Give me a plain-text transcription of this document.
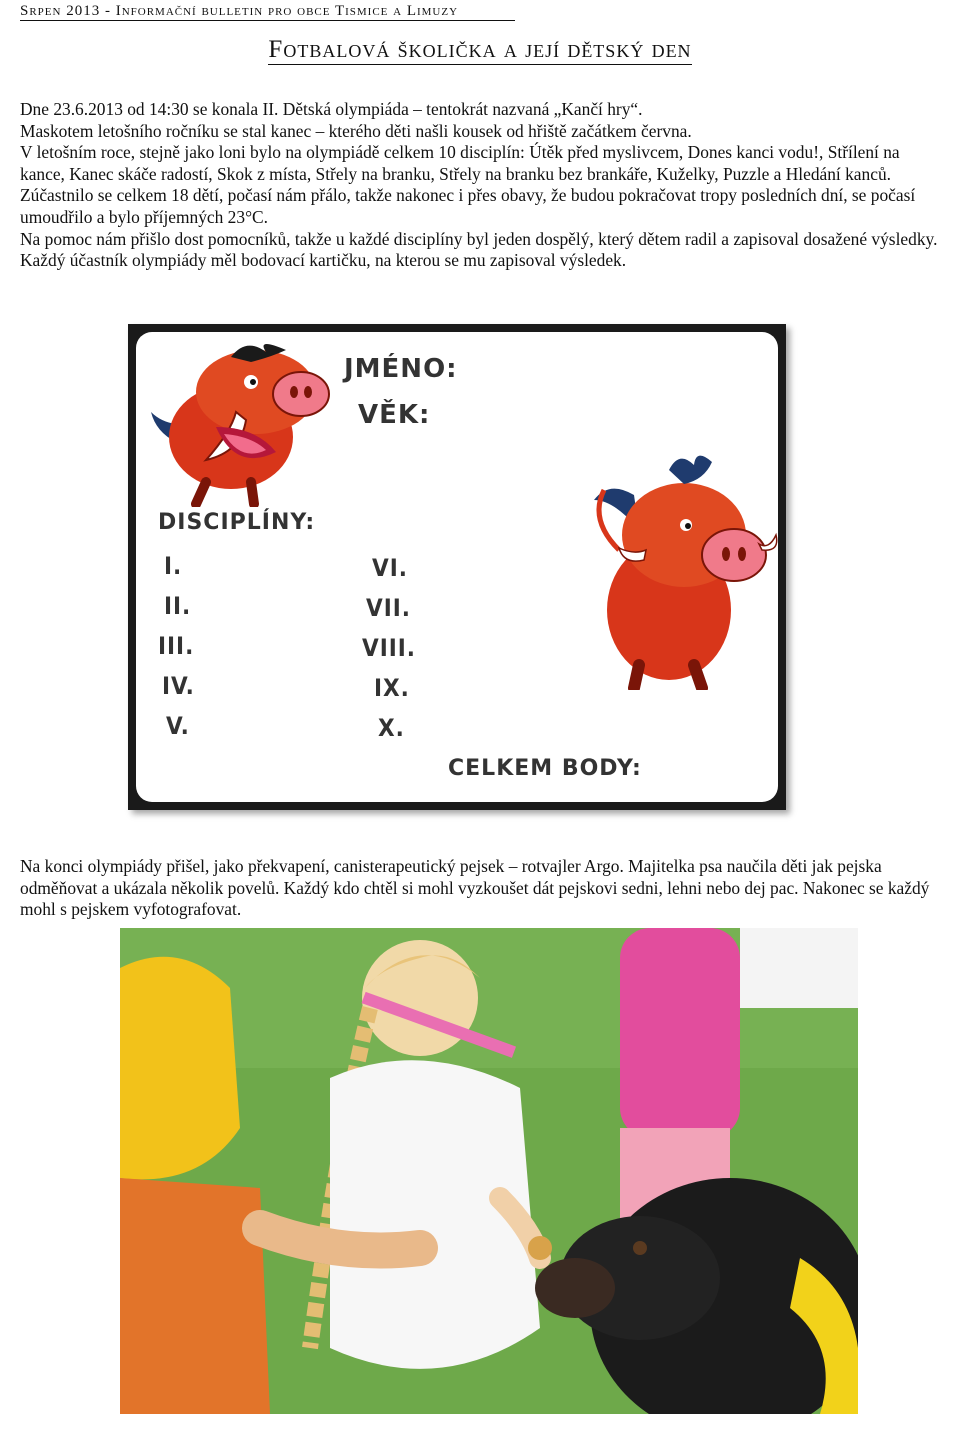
Srpen 2013 - Informační bulletin pro obce Tismice a Limuzy
Fotbalová školička a její dětský den

Dne 23.6.2013 od 14:30 se konala II. Dětská olympiáda – tentokrát nazvaná „Kančí hry“.

Maskotem letošního ročníku se stal kanec – kterého děti našli kousek od hřiště začátkem června.

V letošním roce, stejně jako loni bylo na olympiádě celkem 10 disciplín: Útěk před myslivcem, Dones kanci vodu!, Střílení na kance, Kanec skáče radostí, Skok z místa, Střely na branku, Střely na branku bez brankáře, Kuželky, Puzzle a Hledání kanců.

Zúčastnilo se celkem 18 dětí, počasí nám přálo, takže nakonec i přes obavy, že budou pokračovat tropy posledních dní, se počasí umoudřilo a bylo příjemných 23°C.

Na pomoc nám přišlo dost pomocníků, takže u každé disciplíny byl jeden dospělý, který dětem radil a zapisoval dosažené výsledky. Každý účastník olympiády měl bodovací kartičku, na kterou se mu zapisoval výsledek.

JMÉNO:
VĚK:
DISCIPLÍNY:
I.
II.
III.
IV.
V.
VI.
VII.
VIII.
IX.
X.
CELKEM BODY:

Na konci olympiády přišel, jako překvapení, canisterapeutický pejsek – rotvajler Argo. Majitelka psa naučila děti jak pejska odměňovat a ukázala několik povelů. Každý kdo chtěl si mohl vyzkoušet dát pejskovi sedni, lehni nebo dej pac. Nakonec se každý mohl s pejskem vyfotografovat.
